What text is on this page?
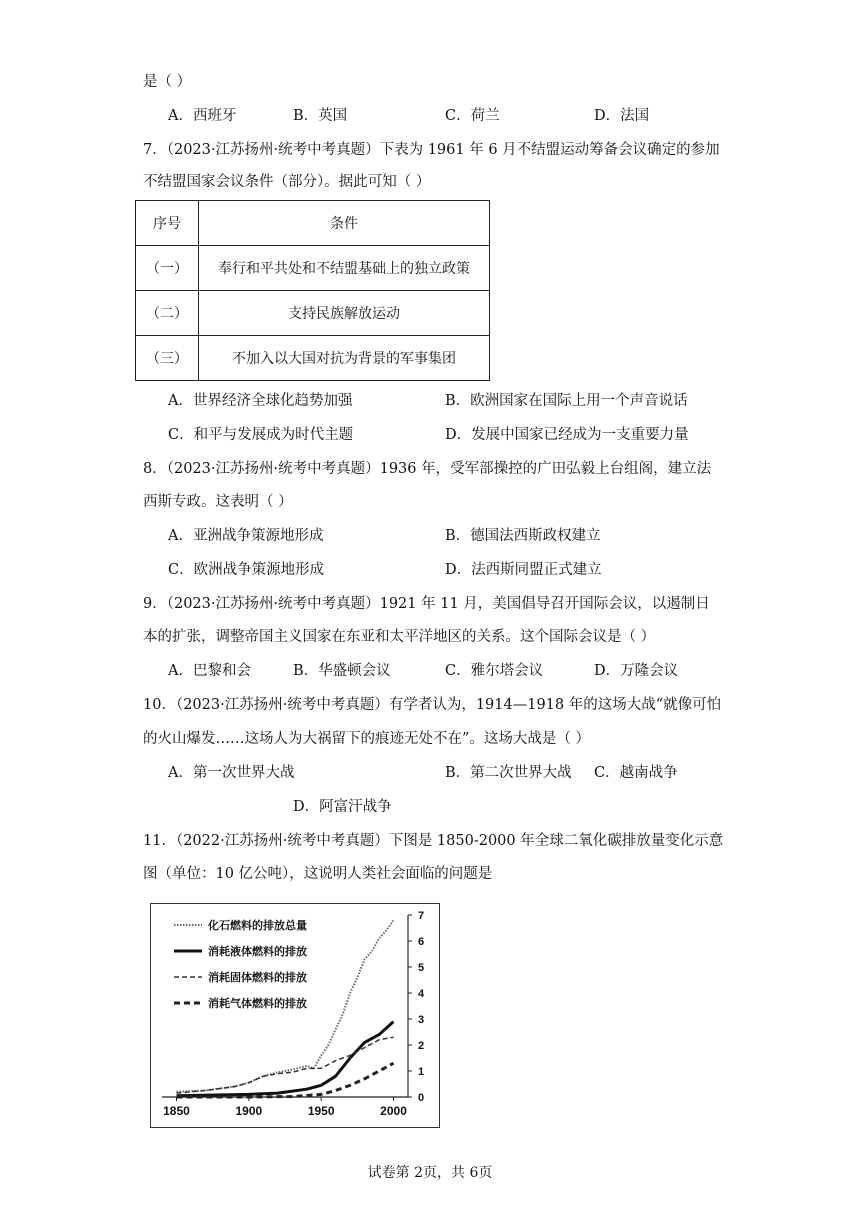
是（ ）
A．西班牙	B．英国	C．荷兰	D．法国
7．（2023·江苏扬州·统考中考真题）下表为 1961 年 6 月不结盟运动筹备会议确定的参加
不结盟国家会议条件（部分）。据此可知（ ）
序号	条件
（一）	奉行和平共处和不结盟基础上的独立政策
（二）	支持民族解放运动
（三）	不加入以大国对抗为背景的军事集团
A．世界经济全球化趋势加强	B．欧洲国家在国际上用一个声音说话
C．和平与发展成为时代主题	D．发展中国家已经成为一支重要力量
8．（2023·江苏扬州·统考中考真题）1936 年，受军部操控的广田弘毅上台组阁，建立法
西斯专政。这表明（ ）
A．亚洲战争策源地形成	B．德国法西斯政权建立
C．欧洲战争策源地形成	D．法西斯同盟正式建立
9．（2023·江苏扬州·统考中考真题）1921 年 11 月，美国倡导召开国际会议，以遏制日
本的扩张，调整帝国主义国家在东亚和太平洋地区的关系。这个国际会议是（ ）
A．巴黎和会	B．华盛顿会议	C．雅尔塔会议	D．万隆会议
10．（2023·江苏扬州·统考中考真题）有学者认为，1914—1918 年的这场大战“就像可怕
的火山爆发……这场人为大祸留下的痕迹无处不在”。这场大战是（ ）
A．第一次世界大战	B．第二次世界大战 C．越南战争
D．阿富汗战争
11．（2022·江苏扬州·统考中考真题）下图是 1850-2000 年全球二氧化碳排放量变化示意
图（单位：10 亿公吨），这说明人类社会面临的问题是
化石燃料的排放总量
消耗液体燃料的排放
消耗固体燃料的排放
消耗气体燃料的排放
1850	1900	1950	2000
0
1
2
3
4
5
6
7
试卷第 2页，共 6页
